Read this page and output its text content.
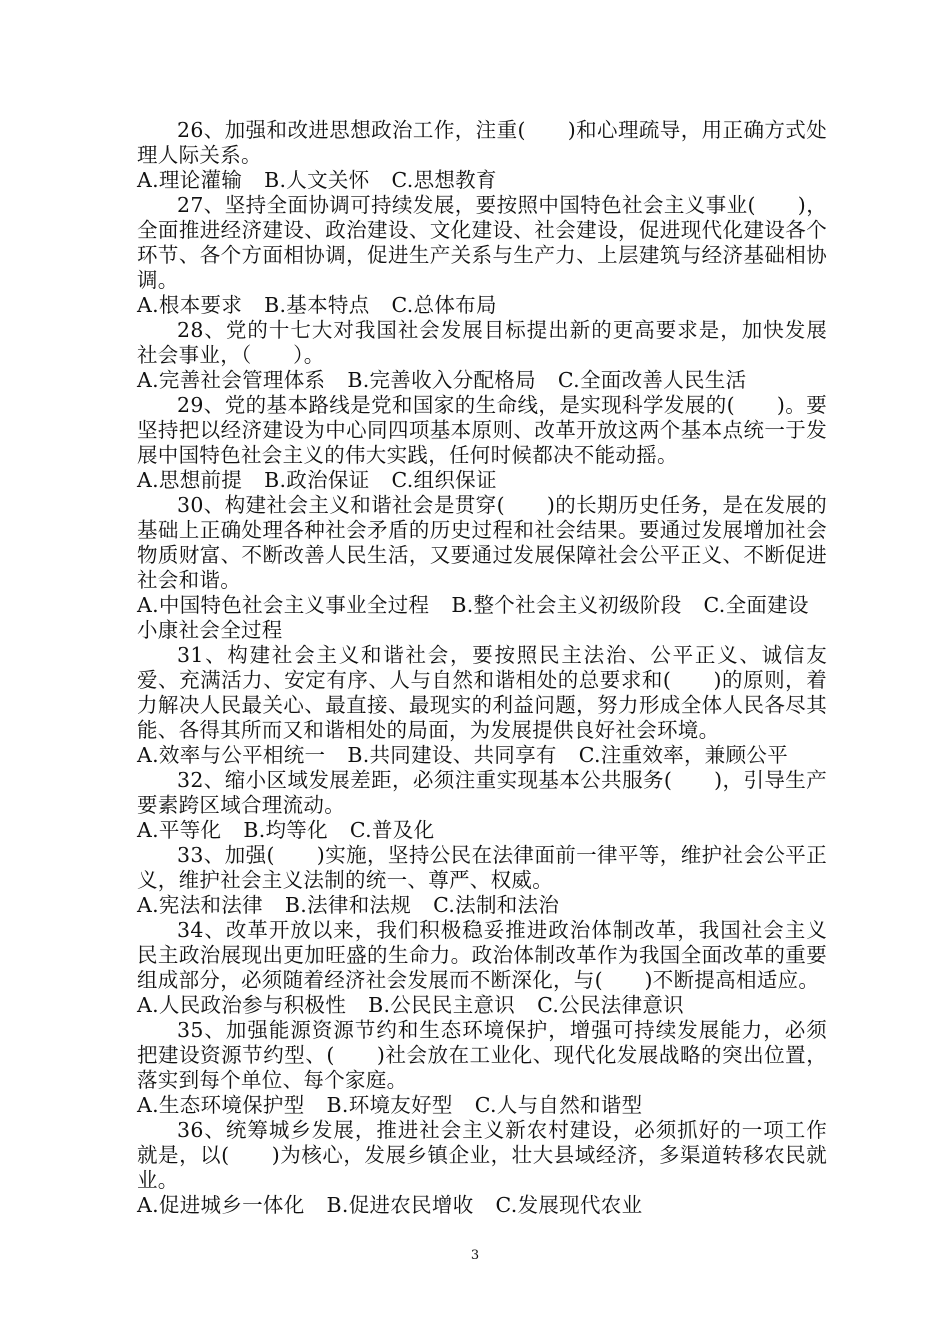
26、加强和改进思想政治工作，注重(　　)和心理疏导，用正确方式处理人际关系。

A.理论灌输 B.人文关怀 C.思想教育

27、坚持全面协调可持续发展，要按照中国特色社会主义事业(　　)，全面推进经济建设、政治建设、文化建设、社会建设，促进现代化建设各个环节、各个方面相协调，促进生产关系与生产力、上层建筑与经济基础相协调。

A.根本要求 B.基本特点 C.总体布局

28、党的十七大对我国社会发展目标提出新的更高要求是，加快发展社会事业，（　　）。

A.完善社会管理体系 B.完善收入分配格局 C.全面改善人民生活

29、党的基本路线是党和国家的生命线，是实现科学发展的(　　)。要坚持把以经济建设为中心同四项基本原则、改革开放这两个基本点统一于发展中国特色社会主义的伟大实践，任何时候都决不能动摇。

A.思想前提 B.政治保证 C.组织保证

30、构建社会主义和谐社会是贯穿(　　)的长期历史任务，是在发展的基础上正确处理各种社会矛盾的历史过程和社会结果。要通过发展增加社会物质财富、不断改善人民生活，又要通过发展保障社会公平正义、不断促进社会和谐。

A.中国特色社会主义事业全过程 B.整个社会主义初级阶段 C.全面建设小康社会全过程

31、构建社会主义和谐社会，要按照民主法治、公平正义、诚信友爱、充满活力、安定有序、人与自然和谐相处的总要求和(　　)的原则，着力解决人民最关心、最直接、最现实的利益问题，努力形成全体人民各尽其能、各得其所而又和谐相处的局面，为发展提供良好社会环境。

A.效率与公平相统一 B.共同建设、共同享有 C.注重效率，兼顾公平

32、缩小区域发展差距，必须注重实现基本公共服务(　　)，引导生产要素跨区域合理流动。

A.平等化 B.均等化 C.普及化

33、加强(　　)实施，坚持公民在法律面前一律平等，维护社会公平正义，维护社会主义法制的统一、尊严、权威。

A.宪法和法律 B.法律和法规 C.法制和法治

34、改革开放以来，我们积极稳妥推进政治体制改革，我国社会主义民主政治展现出更加旺盛的生命力。政治体制改革作为我国全面改革的重要组成部分，必须随着经济社会发展而不断深化，与(　　)不断提高相适应。

A.人民政治参与积极性 B.公民民主意识 C.公民法律意识

35、加强能源资源节约和生态环境保护，增强可持续发展能力，必须把建设资源节约型、(　　)社会放在工业化、现代化发展战略的突出位置，落实到每个单位、每个家庭。

A.生态环境保护型 B.环境友好型 C.人与自然和谐型

36、统筹城乡发展，推进社会主义新农村建设，必须抓好的一项工作就是，以(　　)为核心，发展乡镇企业，壮大县域经济，多渠道转移农民就业。

A.促进城乡一体化 B.促进农民增收 C.发展现代农业

3
